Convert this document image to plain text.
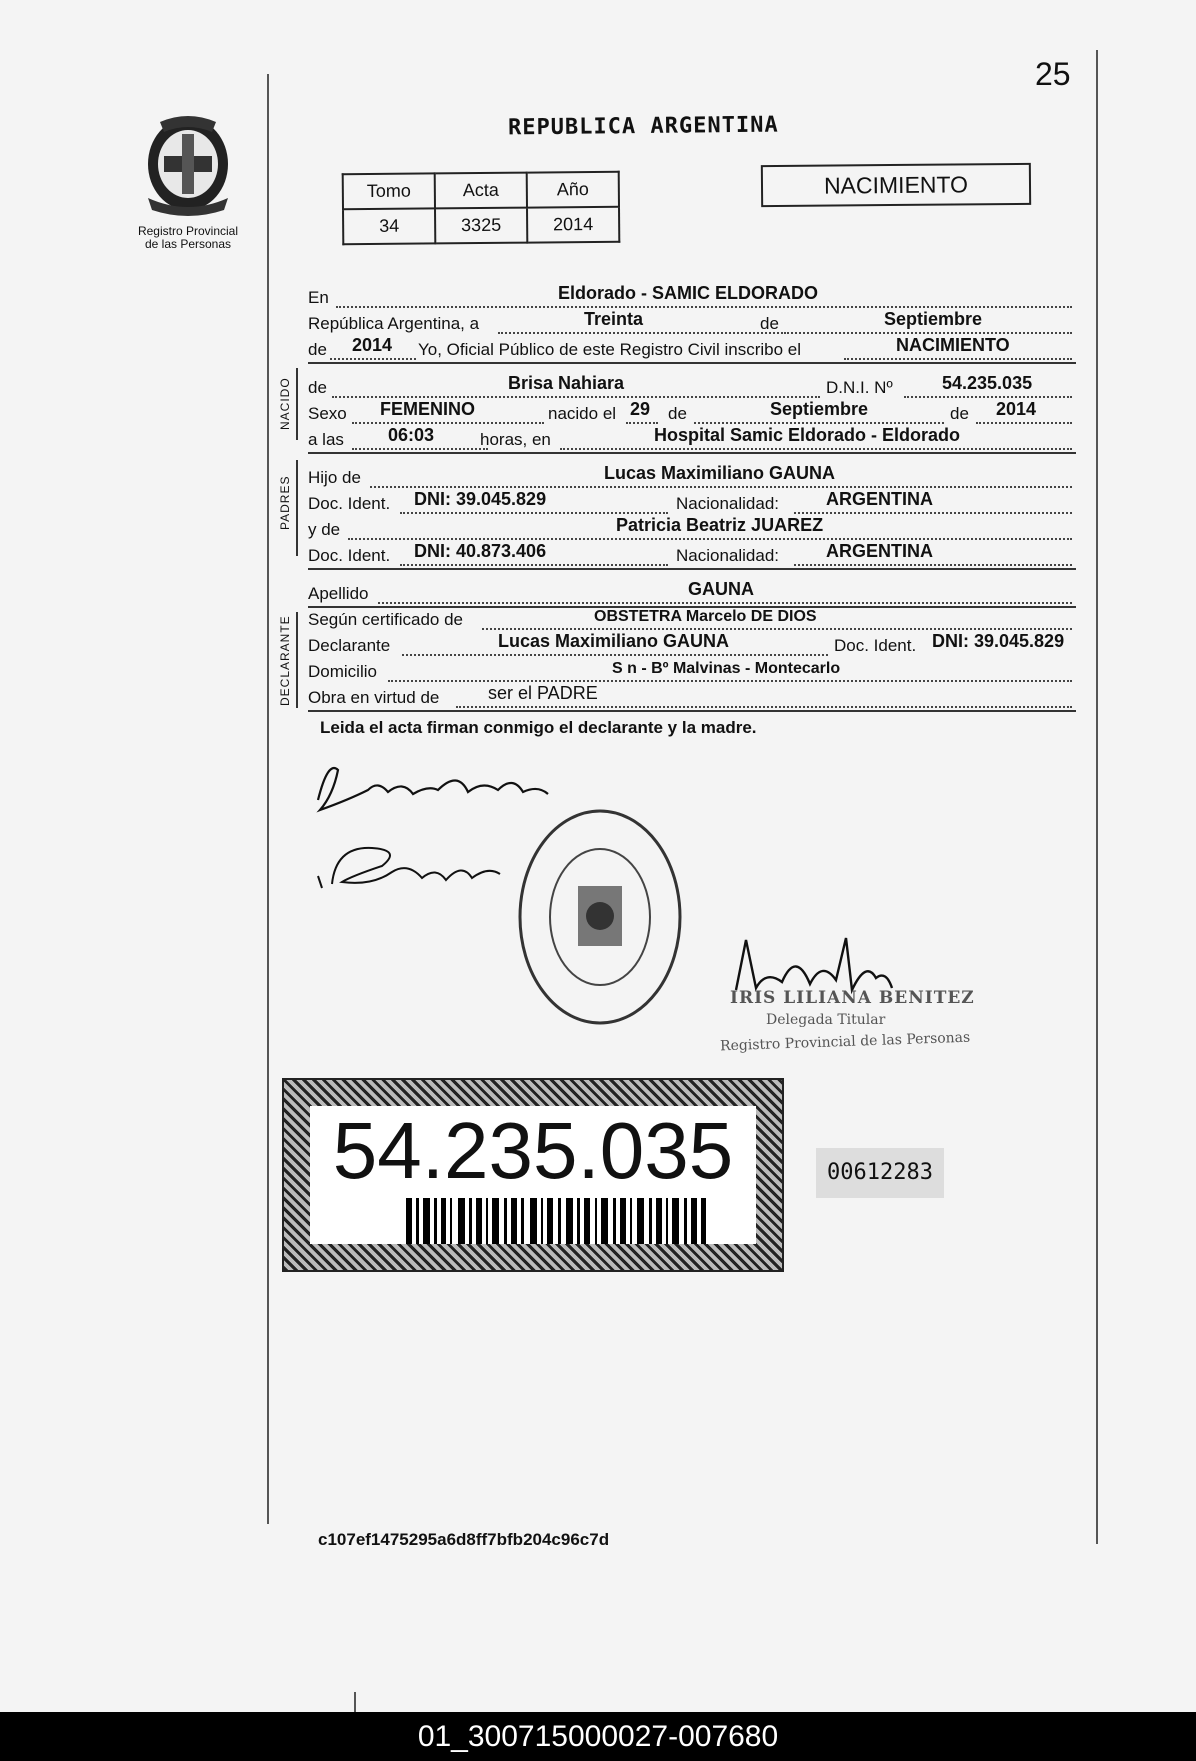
25
Registro Provincial
de las Personas
REPUBLICA ARGENTINA
Tomo	Acta	Año
34	3325	2014
NACIMIENTO
En	Eldorado - SAMIC ELDORADO
República Argentina, a	Treinta	de	Septiembre
de 2014 Yo, Oficial Público de este Registro Civil inscribo el	NACIMIENTO
NACIDO de	Brisa Nahiara	D.N.I. Nº	54.235.035
Sexo FEMENINO	nacido el 29 de	Septiembre	de 2014
a las 06:03	horas, en	Hospital Samic Eldorado - Eldorado
PADRES Hijo de	Lucas Maximiliano GAUNA
Doc. Ident. DNI: 39.045.829	Nacionalidad:	ARGENTINA
y de	Patricia Beatriz JUAREZ
Doc. Ident. DNI: 40.873.406	Nacionalidad:	ARGENTINA
Apellido	GAUNA
DECLARANTE Según certificado de	OBSTETRA Marcelo DE DIOS
Declarante	Lucas Maximiliano GAUNA	Doc. Ident. DNI: 39.045.829
Domicilio	S n - Bº Malvinas - Montecarlo
Obra en virtud de	ser el PADRE
Leida el acta firman conmigo el declarante y la madre.
IRIS LILIANA BENITEZ
Delegada Titular
Registro Provincial de las Personas
54.235.035	00612283
c107ef1475295a6d8ff7bfb204c96c7d
01_300715000027-007680
